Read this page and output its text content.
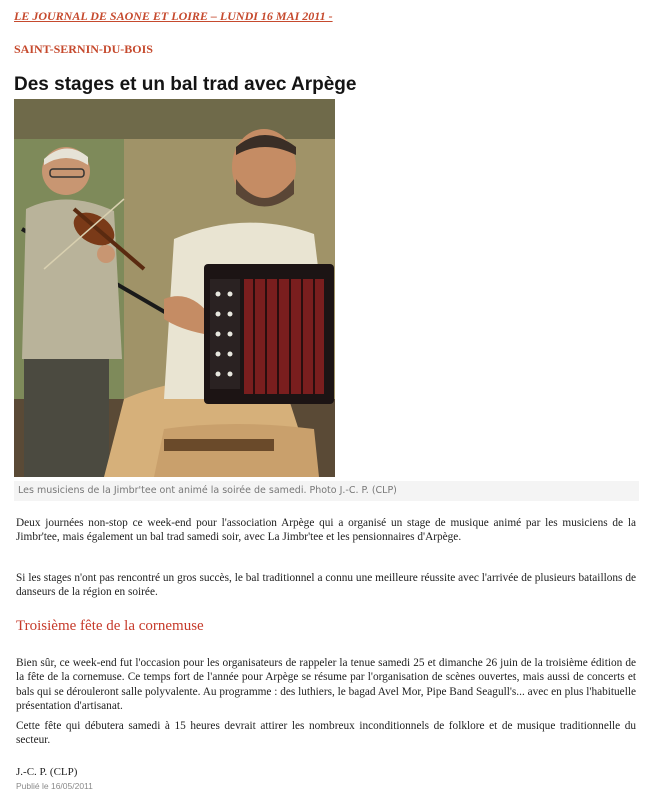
LE JOURNAL DE SAONE ET LOIRE – LUNDI 16 MAI 2011 -
SAINT-SERNIN-DU-BOIS
Des stages et un bal trad avec Arpège
Les musiciens de la Jimbr'tee ont animé la soirée de samedi. Photo J.-C. P. (CLP)

Deux journées non-stop ce week-end pour l'association Arpège qui a organisé un stage de musique animé par les musiciens de la Jimbr'tee, mais également un bal trad samedi soir, avec La Jimbr'tee et les pensionnaires d'Arpège.

Si les stages n'ont pas rencontré un gros succès, le bal traditionnel a connu une meilleure réussite avec l'arrivée de plusieurs bataillons de danseurs de la région en soirée.

Troisième fête de la cornemuse

Bien sûr, ce week-end fut l'occasion pour les organisateurs de rappeler la tenue samedi 25 et dimanche 26 juin de la troisième édition de la fête de la cornemuse. Ce temps fort de l'année pour Arpège se résume par l'organisation de scènes ouvertes, mais aussi de concerts et bals qui se dérouleront salle polyvalente. Au programme : des luthiers, le bagad Avel Mor, Pipe Band Seagull's... avec en plus l'habituelle présentation d'artisanat.

Cette fête qui débutera samedi à 15 heures devrait attirer les nombreux inconditionnels de folklore et de musique traditionnelle du secteur.

J.-C. P. (CLP)
Publié le 16/05/2011
